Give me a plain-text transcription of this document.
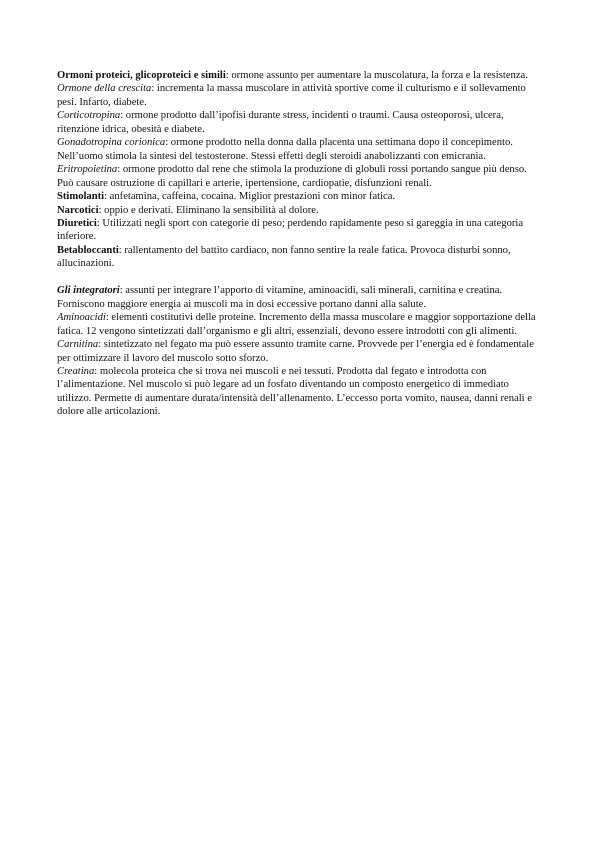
Ormoni proteici, glicoproteici e simili: ormone assunto per aumentare la muscolatura, la forza e la resistenza.

Ormone della crescita: incrementa la massa muscolare in attività sportive come il culturismo e il sollevamento pesi. Infarto, diabete.

Corticotropina: ormone prodotto dall’ipofisi durante stress, incidenti o traumi. Causa osteoporosi, ulcera, ritenzione idrica, obesità e diabete.

Gonadotropina corionica: ormone prodotto nella donna dalla placenta una settimana dopo il concepimento. Nell’uomo stimola la sintesi del testosterone. Stessi effetti degli steroidi anabolizzanti con emicrania.

Eritropoietina: ormone prodotto dal rene che stimola la produzione di globuli rossi portando sangue più denso. Può causare ostruzione di capillari e arterie, ipertensione, cardiopatie, disfunzioni renali.

Stimolanti: anfetamina, caffeina, cocaina. Miglior prestazioni con minor fatica.

Narcotici: oppio e derivati. Eliminano la sensibilità al dolore.

Diuretici: Utilizzati negli sport con categorie di peso; perdendo rapidamente peso si gareggia in una categoria inferiore.

Betabloccanti: rallentamento del battito cardiaco, non fanno sentire la reale fatica. Provoca disturbi sonno, allucinazioni.

Gli integratori: assunti per integrare l’apporto di vitamine, aminoacidi, sali minerali, carnitina e creatina. Forniscono maggiore energia ai muscoli ma in dosi eccessive portano danni alla salute.

Aminoacidi: elementi costitutivi delle proteine. Incremento della massa muscolare e maggior sopportazione della fatica. 12 vengono sintetizzati dall’organismo e gli altri, essenziali, devono essere introdotti con gli alimenti.

Carnitina: sintetizzato nel fegato ma può essere assunto tramite carne. Provvede per l’energia ed è fondamentale per ottimizzare il lavoro del muscolo sotto sforzo.

Creatina: molecola proteica che si trova nei muscoli e nei tessuti. Prodotta dal fegato e introdotta con l’alimentazione. Nel muscolo si può legare ad un fosfato diventando un composto energetico di immediato utilizzo. Permette di aumentare durata/intensità dell’allenamento. L’eccesso porta vomito, nausea, danni renali e dolore alle articolazioni.
